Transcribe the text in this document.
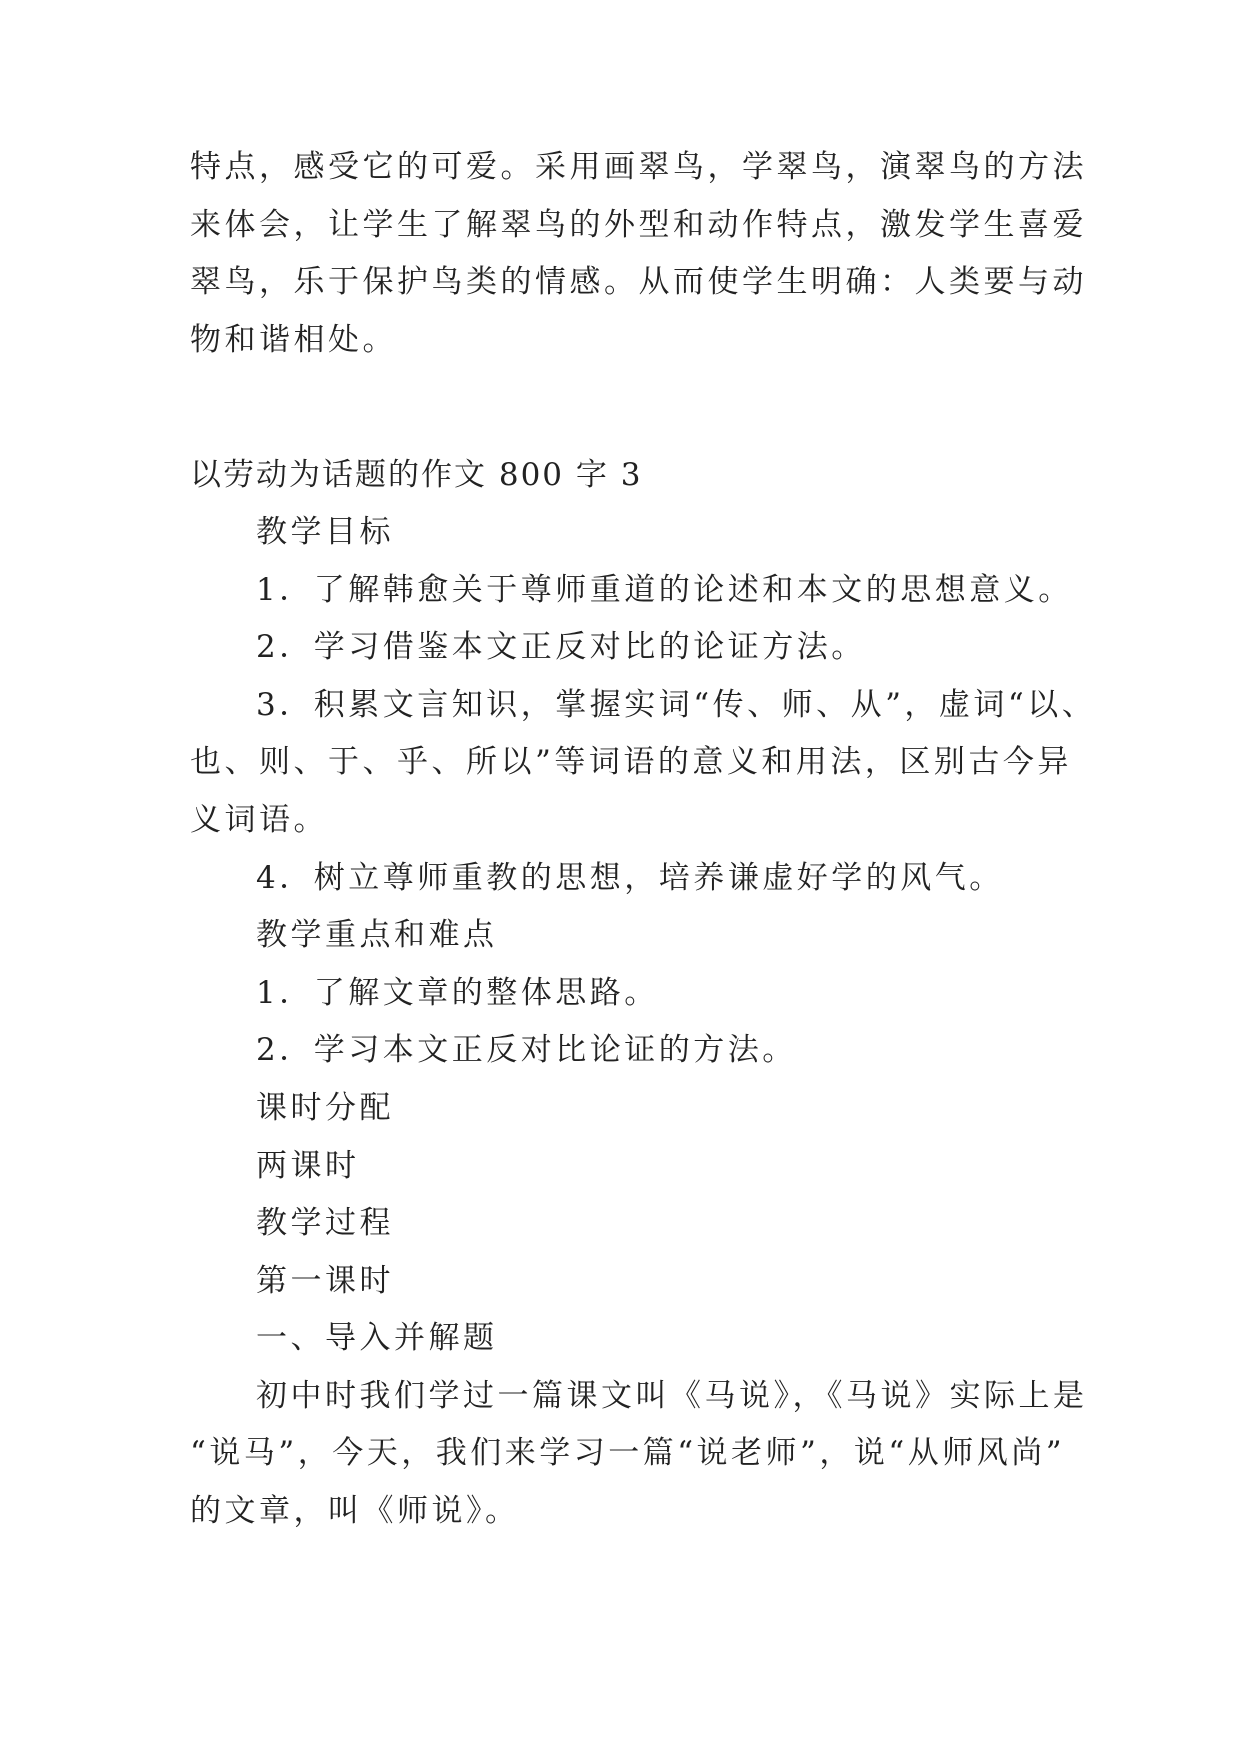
特点，感受它的可爱。采用画翠鸟，学翠鸟，演翠鸟的方法

来体会，让学生了解翠鸟的外型和动作特点，激发学生喜爱

翠鸟，乐于保护鸟类的情感。从而使学生明确：人类要与动

物和谐相处。

以劳动为话题的作文 800 字 3

教学目标

1．了解韩愈关于尊师重道的论述和本文的思想意义。

2．学习借鉴本文正反对比的论证方法。

3．积累文言知识，掌握实词“传、师、从”，虚词“以、

也、则、于、乎、所以”等词语的意义和用法，区别古今异

义词语。

4．树立尊师重教的思想，培养谦虚好学的风气。

教学重点和难点

1．了解文章的整体思路。

2．学习本文正反对比论证的方法。

课时分配

两课时

教学过程

第一课时

一、导入并解题

初中时我们学过一篇课文叫《马说》，《马说》实际上是

“说马”，今天，我们来学习一篇“说老师”，说“从师风尚”

的文章，叫《师说》。
